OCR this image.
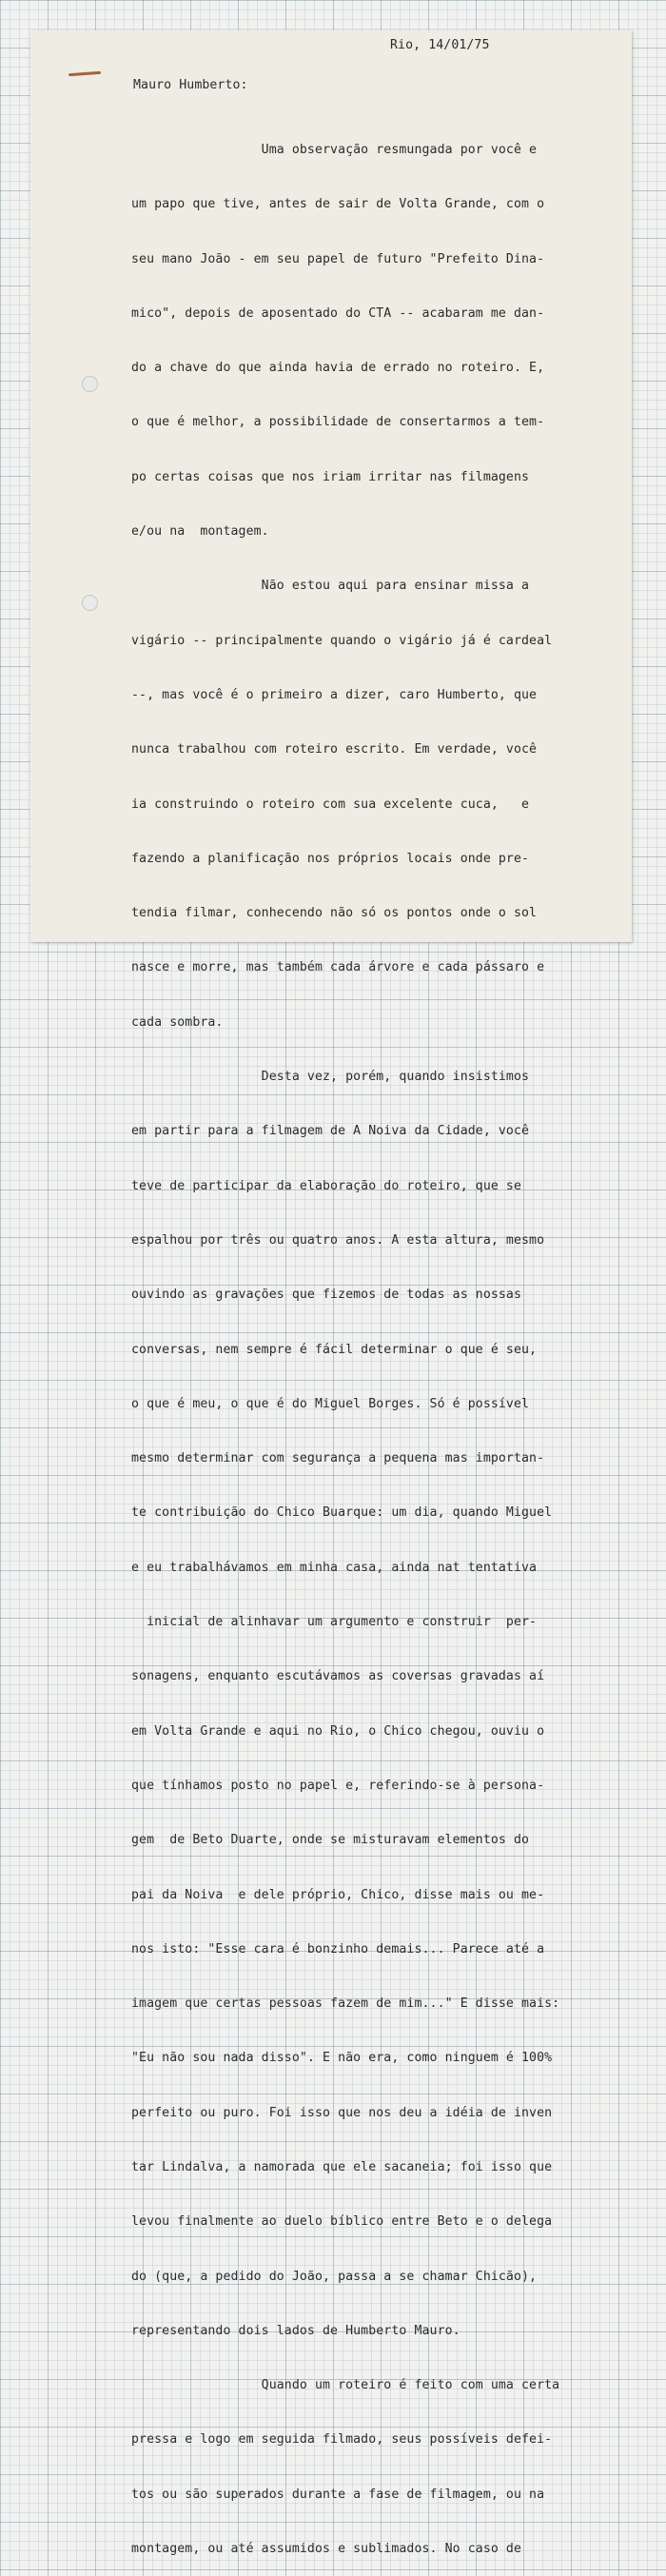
Rio, 14/01/75
Mauro Humberto:

Uma observação resmungada por você e

um papo que tive, antes de sair de Volta Grande, com o

seu mano João - em seu papel de futuro "Prefeito Dina-

mico", depois de aposentado do CTA -- acabaram me dan-

do a chave do que ainda havia de errado no roteiro. E,

o que é melhor, a possibilidade de consertarmos a tem-

po certas coisas que nos iriam irritar nas filmagens

e/ou na  montagem.

Não estou aqui para ensinar missa a

vigário -- principalmente quando o vigário já é cardeal

--, mas você é o primeiro a dizer, caro Humberto, que

nunca trabalhou com roteiro escrito. Em verdade, você

ia construindo o roteiro com sua excelente cuca,   e

fazendo a planificação nos próprios locais onde pre-

tendia filmar, conhecendo não só os pontos onde o sol

nasce e morre, mas também cada árvore e cada pássaro e

cada sombra.

Desta vez, porém, quando insistimos

em partir para a filmagem de A Noiva da Cidade, você

teve de participar da elaboração do roteiro, que se

espalhou por três ou quatro anos. A esta altura, mesmo

ouvindo as gravações que fizemos de todas as nossas

conversas, nem sempre é fácil determinar o que é seu,

o que é meu, o que é do Miguel Borges. Só é possível

mesmo determinar com segurança a pequena mas importan-

te contribuição do Chico Buarque: um dia, quando Miguel

e eu trabalhávamos em minha casa, ainda nat tentativa

inicial de alinhavar um argumento e construir  per-

sonagens, enquanto escutávamos as coversas gravadas aí

em Volta Grande e aqui no Rio, o Chico chegou, ouviu o

que tínhamos posto no papel e, referindo-se à persona-

gem  de Beto Duarte, onde se misturavam elementos do

pai da Noiva  e dele próprio, Chico, disse mais ou me-

nos isto: "Esse cara é bonzinho demais... Parece até a

imagem que certas pessoas fazem de mim..." E disse mais:

"Eu não sou nada disso". E não era, como ninguem é 100%

perfeito ou puro. Foi isso que nos deu a idéia de inven

tar Lindalva, a namorada que ele sacaneia; foi isso que

levou finalmente ao duelo bíblico entre Beto e o delega

do (que, a pedido do João, passa a se chamar Chicão),

representando dois lados de Humberto Mauro.

Quando um roteiro é feito com uma certa

pressa e logo em seguida filmado, seus possíveis defei-

tos ou são superados durante a fase de filmagem, ou na

montagem, ou até assumidos e sublimados. No caso de
